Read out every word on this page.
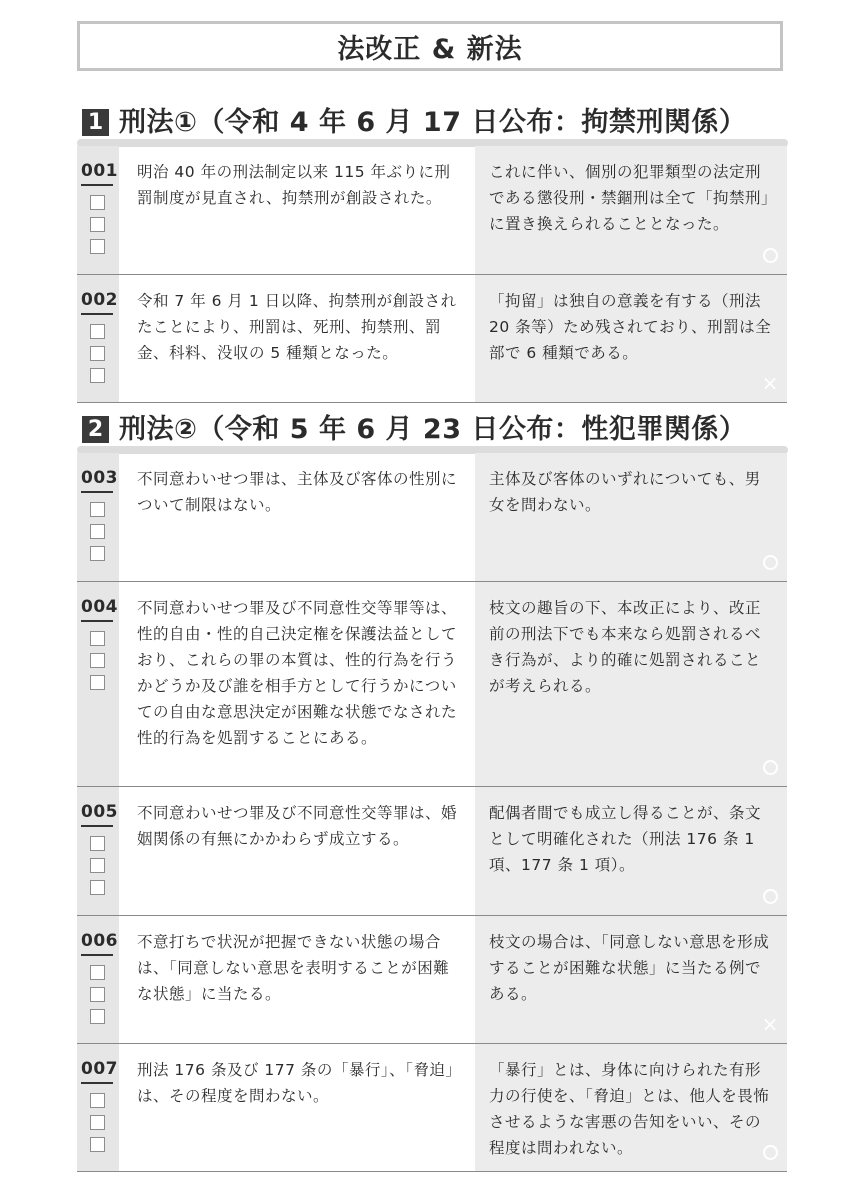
法改正 & 新法
1 刑法①（令和 4 年 6 月 17 日公布：拘禁刑関係）
001 明治 40 年の刑法制定以来 115 年ぶりに刑罰制度が見直され、拘禁刑が創設された。
これに伴い、個別の犯罪類型の法定刑である懲役刑・禁錮刑は全て「拘禁刑」に置き換えられることとなった。
002 令和 7 年 6 月 1 日以降、拘禁刑が創設されたことにより、刑罰は、死刑、拘禁刑、罰金、科料、没収の 5 種類となった。
「拘留」は独自の意義を有する（刑法 20 条等）ため残されており、刑罰は全部で 6 種類である。
×
2 刑法②（令和 5 年 6 月 23 日公布：性犯罪関係）
003 不同意わいせつ罪は、主体及び客体の性別について制限はない。
主体及び客体のいずれについても、男女を問わない。
004 不同意わいせつ罪及び不同意性交等罪等は、性的自由・性的自己決定権を保護法益としており、これらの罪の本質は、性的行為を行うかどうか及び誰を相手方として行うかについての自由な意思決定が困難な状態でなされた性的行為を処罰することにある。
枝文の趣旨の下、本改正により、改正前の刑法下でも本来なら処罰されるべき行為が、より的確に処罰されることが考えられる。
005 不同意わいせつ罪及び不同意性交等罪は、婚姻関係の有無にかかわらず成立する。
配偶者間でも成立し得ることが、条文として明確化された（刑法 176 条 1 項、177 条 1 項）。
006 不意打ちで状況が把握できない状態の場合は、「同意しない意思を表明することが困難な状態」に当たる。
枝文の場合は、「同意しない意思を形成することが困難な状態」に当たる例である。
×
007 刑法 176 条及び 177 条の「暴行」、「脅迫」は、その程度を問わない。
「暴行」とは、身体に向けられた有形力の行使を、「脅迫」とは、他人を畏怖させるような害悪の告知をいい、その程度は問われない。
